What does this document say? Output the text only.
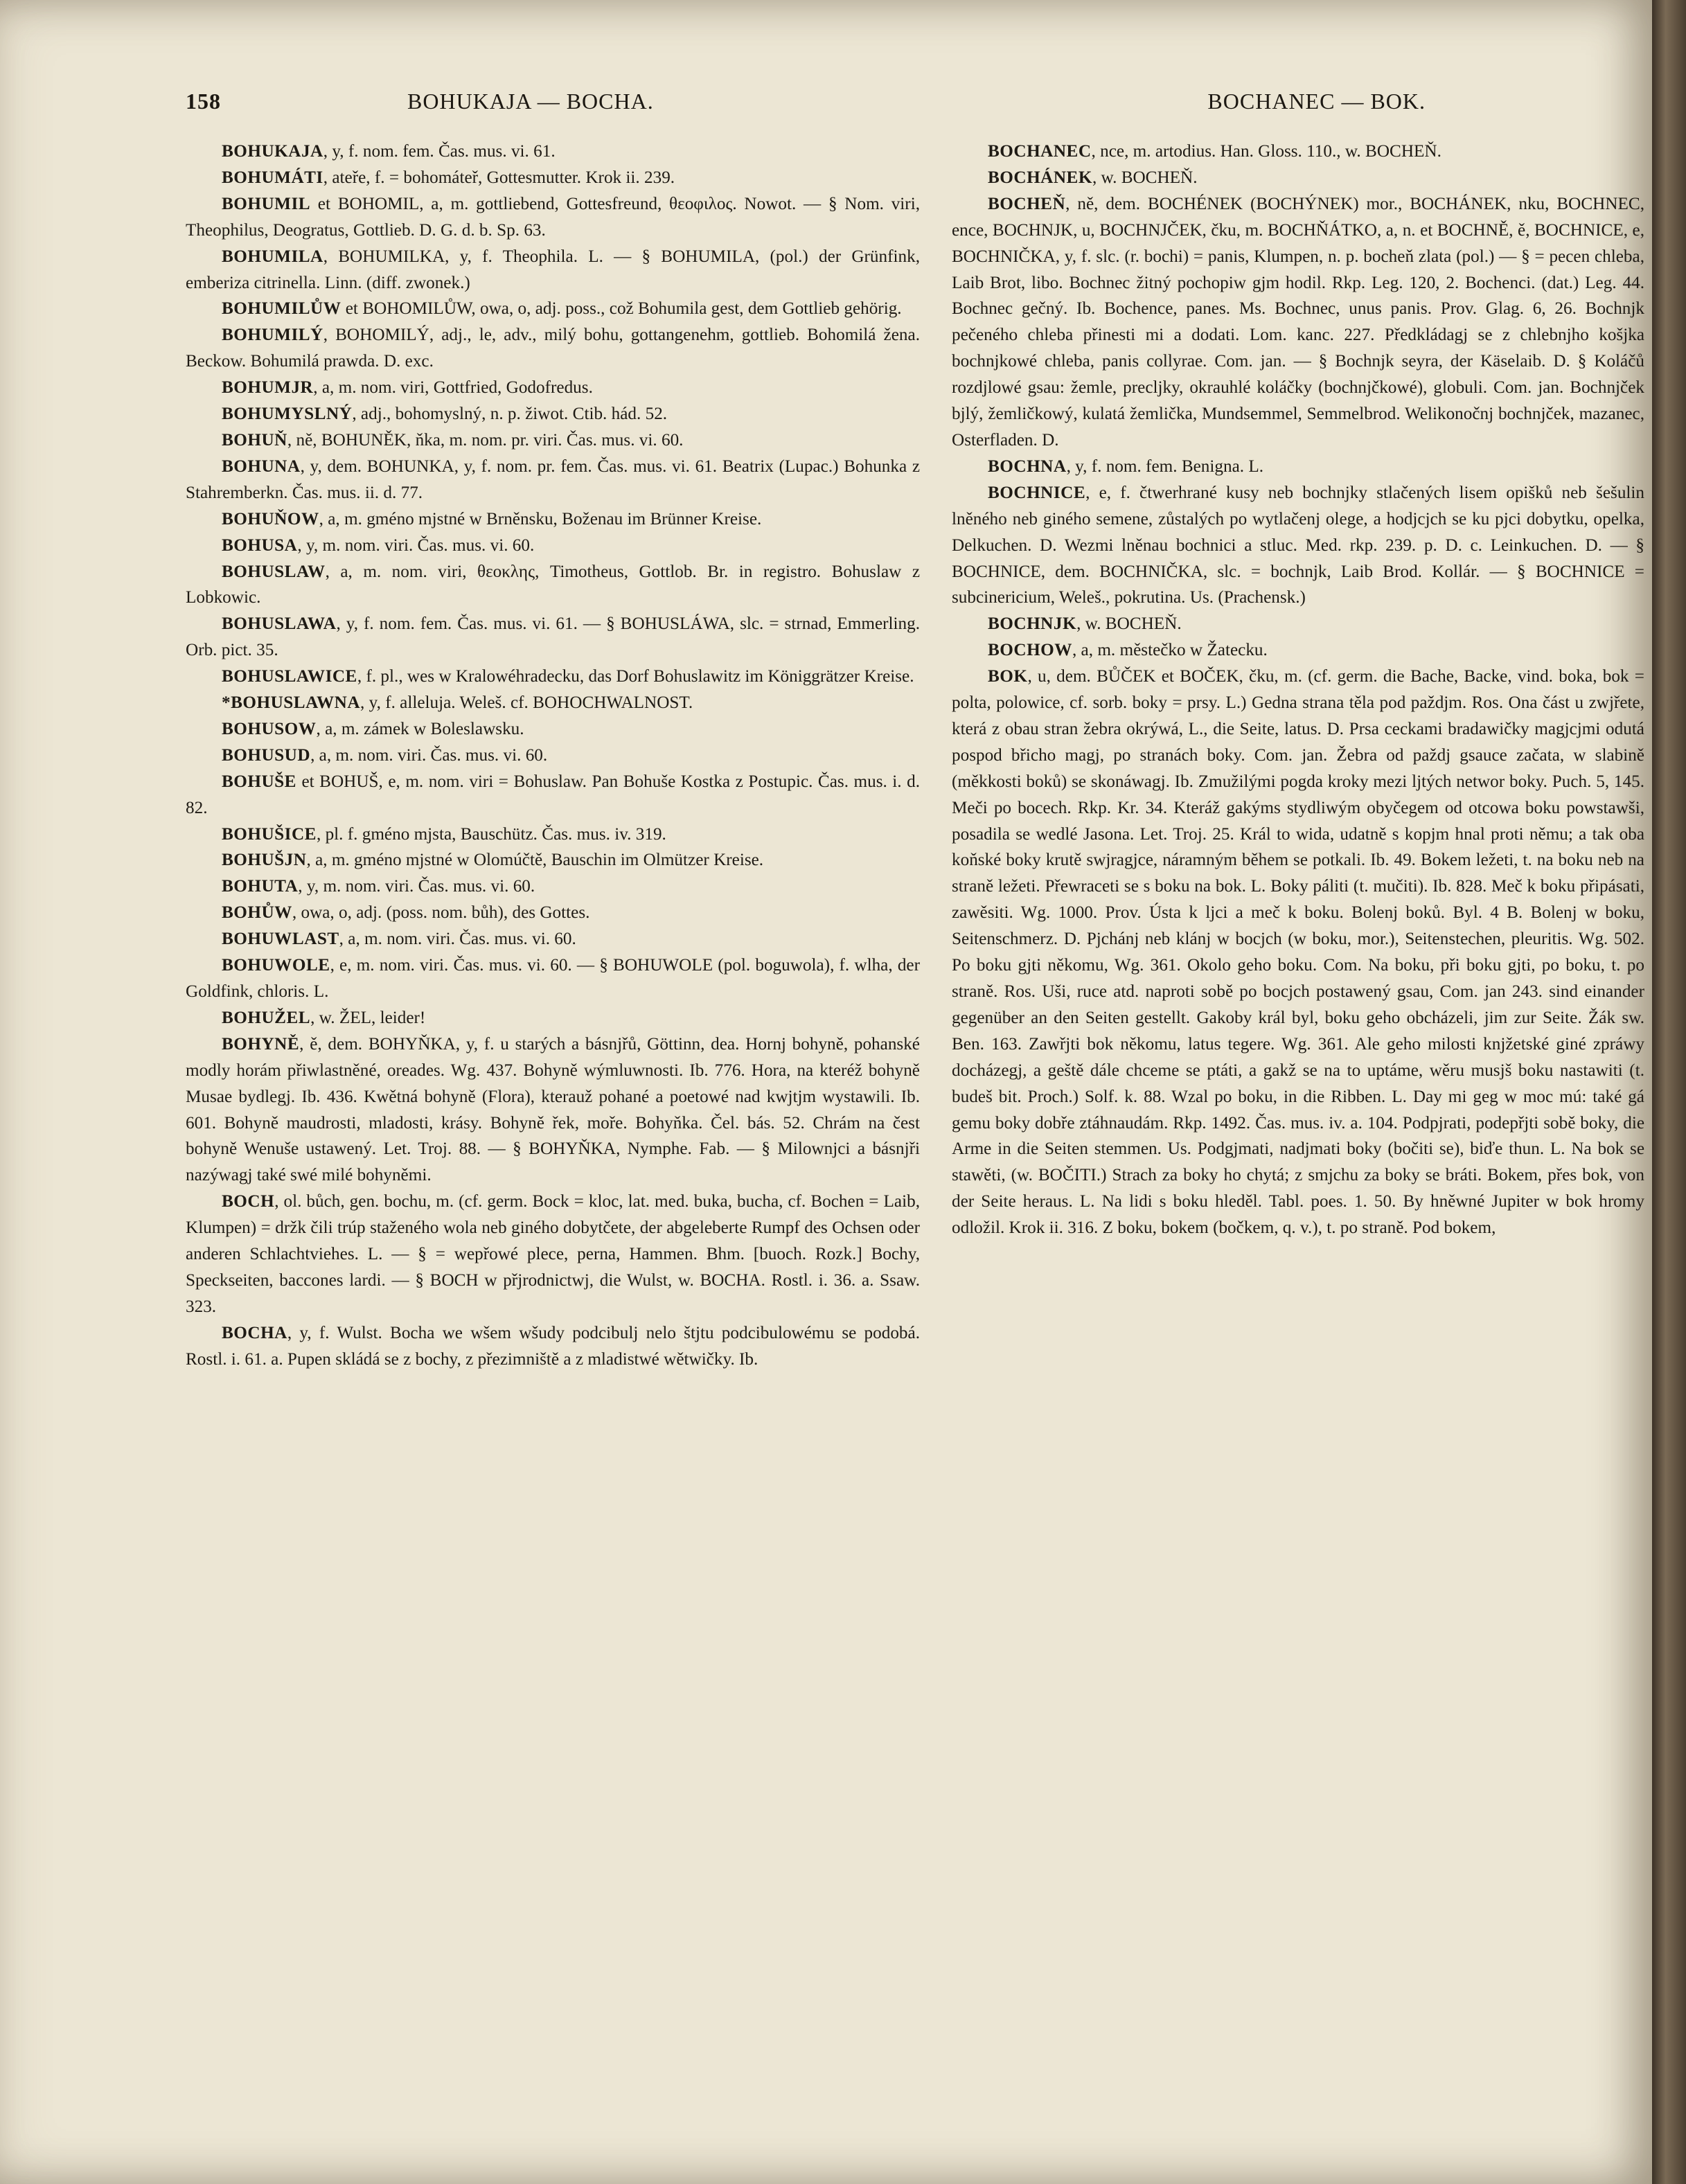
158	BOHUKAJA — BOCHA.	BOCHANEC — BOK.

BOHUKAJA, y, f. nom. fem. Čas. mus. vi. 61.

BOHUMÁTI, ateře, f. = bohomáteř, Gottesmutter. Krok ii. 239.

BOHUMIL et BOHOMIL, a, m. gottliebend, Gottesfreund, θεοφιλος. Nowot. — § Nom. viri, Theophilus, Deogratus, Gottlieb. D. G. d. b. Sp. 63.

BOHUMILA, BOHUMILKA, y, f. Theophila. L. — § BOHUMILA, (pol.) der Grünfink, emberiza citrinella. Linn. (diff. zwonek.)

BOHUMILŮW et BOHOMILŮW, owa, o, adj. poss., což Bohumila gest, dem Gottlieb gehörig.

BOHUMILÝ, BOHOMILÝ, adj., le, adv., milý bohu, gottangenehm, gottlieb. Bohomilá žena. Beckow. Bohumilá prawda. D. exc.

BOHUMJR, a, m. nom. viri, Gottfried, Godofredus.

BOHUMYSLNÝ, adj., bohomyslný, n. p. žiwot. Ctib. hád. 52.

BOHUŇ, ně, BOHUNĚK, ňka, m. nom. pr. viri. Čas. mus. vi. 60.

BOHUNA, y, dem. BOHUNKA, y, f. nom. pr. fem. Čas. mus. vi. 61. Beatrix (Lupac.) Bohunka z Stahremberkn. Čas. mus. ii. d. 77.

BOHUŇOW, a, m. gméno mjstné w Brněnsku, Boženau im Brünner Kreise.

BOHUSA, y, m. nom. viri. Čas. mus. vi. 60.

BOHUSLAW, a, m. nom. viri, θεοκλης, Timotheus, Gottlob. Br. in registro. Bohuslaw z Lobkowic.

BOHUSLAWA, y, f. nom. fem. Čas. mus. vi. 61. — § BOHUSLÁWA, slc. = strnad, Emmerling. Orb. pict. 35.

BOHUSLAWICE, f. pl., wes w Kralowéhradecku, das Dorf Bohuslawitz im Königgrätzer Kreise.

*BOHUSLAWNA, y, f. alleluja. Weleš. cf. BOHOCHWALNOST.

BOHUSOW, a, m. zámek w Boleslawsku.

BOHUSUD, a, m. nom. viri. Čas. mus. vi. 60.

BOHUŠE et BOHUŠ, e, m. nom. viri = Bohuslaw. Pan Bohuše Kostka z Postupic. Čas. mus. i. d. 82.

BOHUŠICE, pl. f. gméno mjsta, Bauschütz. Čas. mus. iv. 319.

BOHUŠJN, a, m. gméno mjstné w Olomúčtě, Bauschin im Olmützer Kreise.

BOHUTA, y, m. nom. viri. Čas. mus. vi. 60.

BOHŮW, owa, o, adj. (poss. nom. bůh), des Gottes.

BOHUWLAST, a, m. nom. viri. Čas. mus. vi. 60.

BOHUWOLE, e, m. nom. viri. Čas. mus. vi. 60. — § BOHUWOLE (pol. boguwola), f. wlha, der Goldfink, chloris. L.

BOHUŽEL, w. ŽEL, leider!

BOHYNĚ, ě, dem. BOHYŇKA, y, f. u starých a básnjřů, Göttinn, dea. Hornj bohyně, pohanské modly horám přiwlastněné, oreades. Wg. 437. Bohyně wýmluwnosti. Ib. 776. Hora, na kteréž bohyně Musae bydlegj. Ib. 436. Kwětná bohyně (Flora), kterauž pohané a poetowé nad kwjtjm wystawili. Ib. 601. Bohyně maudrosti, mladosti, krásy. Bohyně řek, moře. Bohyňka. Čel. bás. 52. Chrám na čest bohyně Wenuše ustawený. Let. Troj. 88. — § BOHYŇKA, Nymphe. Fab. — § Milownjci a básnjři nazýwagj také swé milé bohyněmi.

BOCH, ol. bůch, gen. bochu, m. (cf. germ. Bock = kloc, lat. med. buka, bucha, cf. Bochen = Laib, Klumpen) = držk čili trúp staženého wola neb giného dobytčete, der abgeleberte Rumpf des Ochsen oder anderen Schlachtviehes. L. — § = wepřowé plece, perna, Hammen. Bhm. [buoch. Rozk.] Bochy, Speckseiten, baccones lardi. — § BOCH w přjrodnictwj, die Wulst, w. BOCHA. Rostl. i. 36. a. Ssaw. 323.

BOCHA, y, f. Wulst. Bocha we wšem wšudy podcibulj nelo štjtu podcibulowému se podobá. Rostl. i. 61. a. Pupen skládá se z bochy, z přezimniště a z mladistwé wětwičky. Ib.

BOCHANEC, nce, m. artodius. Han. Gloss. 110., w. BOCHEŇ.

BOCHÁNEK, w. BOCHEŇ.

BOCHEŇ, ně, dem. BOCHÉNEK (BOCHÝNEK) mor., BOCHÁNEK, nku, BOCHNEC, ence, BOCHNJK, u, BOCHNJČEK, čku, m. BOCHŇÁTKO, a, n. et BOCHNĚ, ě, BOCHNICE, e, BOCHNIČKA, y, f. slc. (r. bochi) = panis, Klumpen, n. p. bocheň zlata (pol.) — § = pecen chleba, Laib Brot, libo. Bochnec žitný pochopiw gjm hodil. Rkp. Leg. 120, 2. Bochenci. (dat.) Leg. 44. Bochnec gečný. Ib. Bochence, panes. Ms. Bochnec, unus panis. Prov. Glag. 6, 26. Bochnjk pečeného chleba přinesti mi a dodati. Lom. kanc. 227. Předkládagj se z chlebnjho košjka bochnjkowé chleba, panis collyrae. Com. jan. — § Bochnjk seyra, der Käselaib. D. § Koláčů rozdjlowé gsau: žemle, preclјky, okrauhlé koláčky (bochnjčkowé), globuli. Com. jan. Bochnjček bjlý, žemličkowý, kulatá žemlička, Mundsemmel, Semmelbrod. Welikonočnj bochnjček, mazanec, Osterfladen. D.

BOCHNA, y, f. nom. fem. Benigna. L.

BOCHNICE, e, f. čtwerhrané kusy neb bochnjky stlačených lisem opišků neb šešulin lněného neb giného semene, zůstalých po wytlačenj olege, a hodjcjch se ku pjci dobytku, opelka, Delkuchen. D. Wezmi lněnau bochnici a stluc. Med. rkp. 239. p. D. c. Leinkuchen. D. — § BOCHNICE, dem. BOCHNIČKA, slc. = bochnjk, Laib Brod. Kollár. — § BOCHNICE = subcinericium, Weleš., pokrutina. Us. (Prachensk.)

BOCHNJK, w. BOCHEŇ.

BOCHOW, a, m. městečko w Žatecku.

BOK, u, dem. BŮČEK et BOČEK, čku, m. (cf. germ. die Bache, Backe, vind. boka, bok = polta, polowice, cf. sorb. boky = prsy. L.) Gedna strana těla pod paždjm. Ros. Ona část u zwjřete, která z obau stran žebra okrýwá, L., die Seite, latus. D. Prsa ceckami bradawičky magjcjmi odutá pospod břicho magj, po stranách boky. Com. jan. Žebra od paždj gsauce začata, w slabině (měkkosti boků) se skonáwagj. Ib. Zmužilými pogda kroky mezi ljtých networ boky. Puch. 5, 145. Meči po bocech. Rkp. Kr. 34. Kteráž gakýms stydliwým obyčegem od otcowa boku powstawši, posadila se wedlé Jasona. Let. Troj. 25. Král to wida, udatně s kopjm hnal proti němu; a tak oba koňské boky krutě swjragjce, náramným během se potkali. Ib. 49. Bokem ležeti, t. na boku neb na straně ležeti. Přewraceti se s boku na bok. L. Boky páliti (t. mučiti). Ib. 828. Meč k boku připásati, zawěsiti. Wg. 1000. Prov. Ústa k ljci a meč k boku. Bolenj boků. Byl. 4 B. Bolenj w boku, Seitenschmerz. D. Pjchánj neb klánj w bocjch (w boku, mor.), Seitenstechen, pleuritis. Wg. 502. Po boku gjti někomu, Wg. 361. Okolo geho boku. Com. Na boku, při boku gjti, po boku, t. po straně. Ros. Uši, ruce atd. naproti sobě po bocjch postawený gsau, Com. jan 243. sind einander gegenüber an den Seiten gestellt. Gakoby král byl, boku geho obcházeli, jim zur Seite. Žák sw. Ben. 163. Zawřjti bok někomu, latus tegere. Wg. 361. Ale geho milosti knjžetské giné zpráwy docházegj, a geště dále chceme se ptáti, a gakž se na to uptáme, wěru musjš boku nastawiti (t. budeš bit. Proch.) Solf. k. 88. Wzal po boku, in die Ribben. L. Day mi geg w moc mú: také gá gemu boky dobře ztáhnaudám. Rkp. 1492. Čas. mus. iv. a. 104. Podpjrati, podepřjti sobě boky, die Arme in die Seiten stemmen. Us. Podgjmati, nadjmati boky (bočiti se), biďe thun. L. Na bok se stawěti, (w. BOČITI.) Strach za boky ho chytá; z smjchu za boky se bráti. Bokem, přes bok, von der Seite heraus. L. Na lidi s boku hleděl. Tabl. poes. 1. 50. By hněwné Jupiter w bok hromy odložil. Krok ii. 316. Z boku, bokem (bočkem, q. v.), t. po straně. Pod bokem,
